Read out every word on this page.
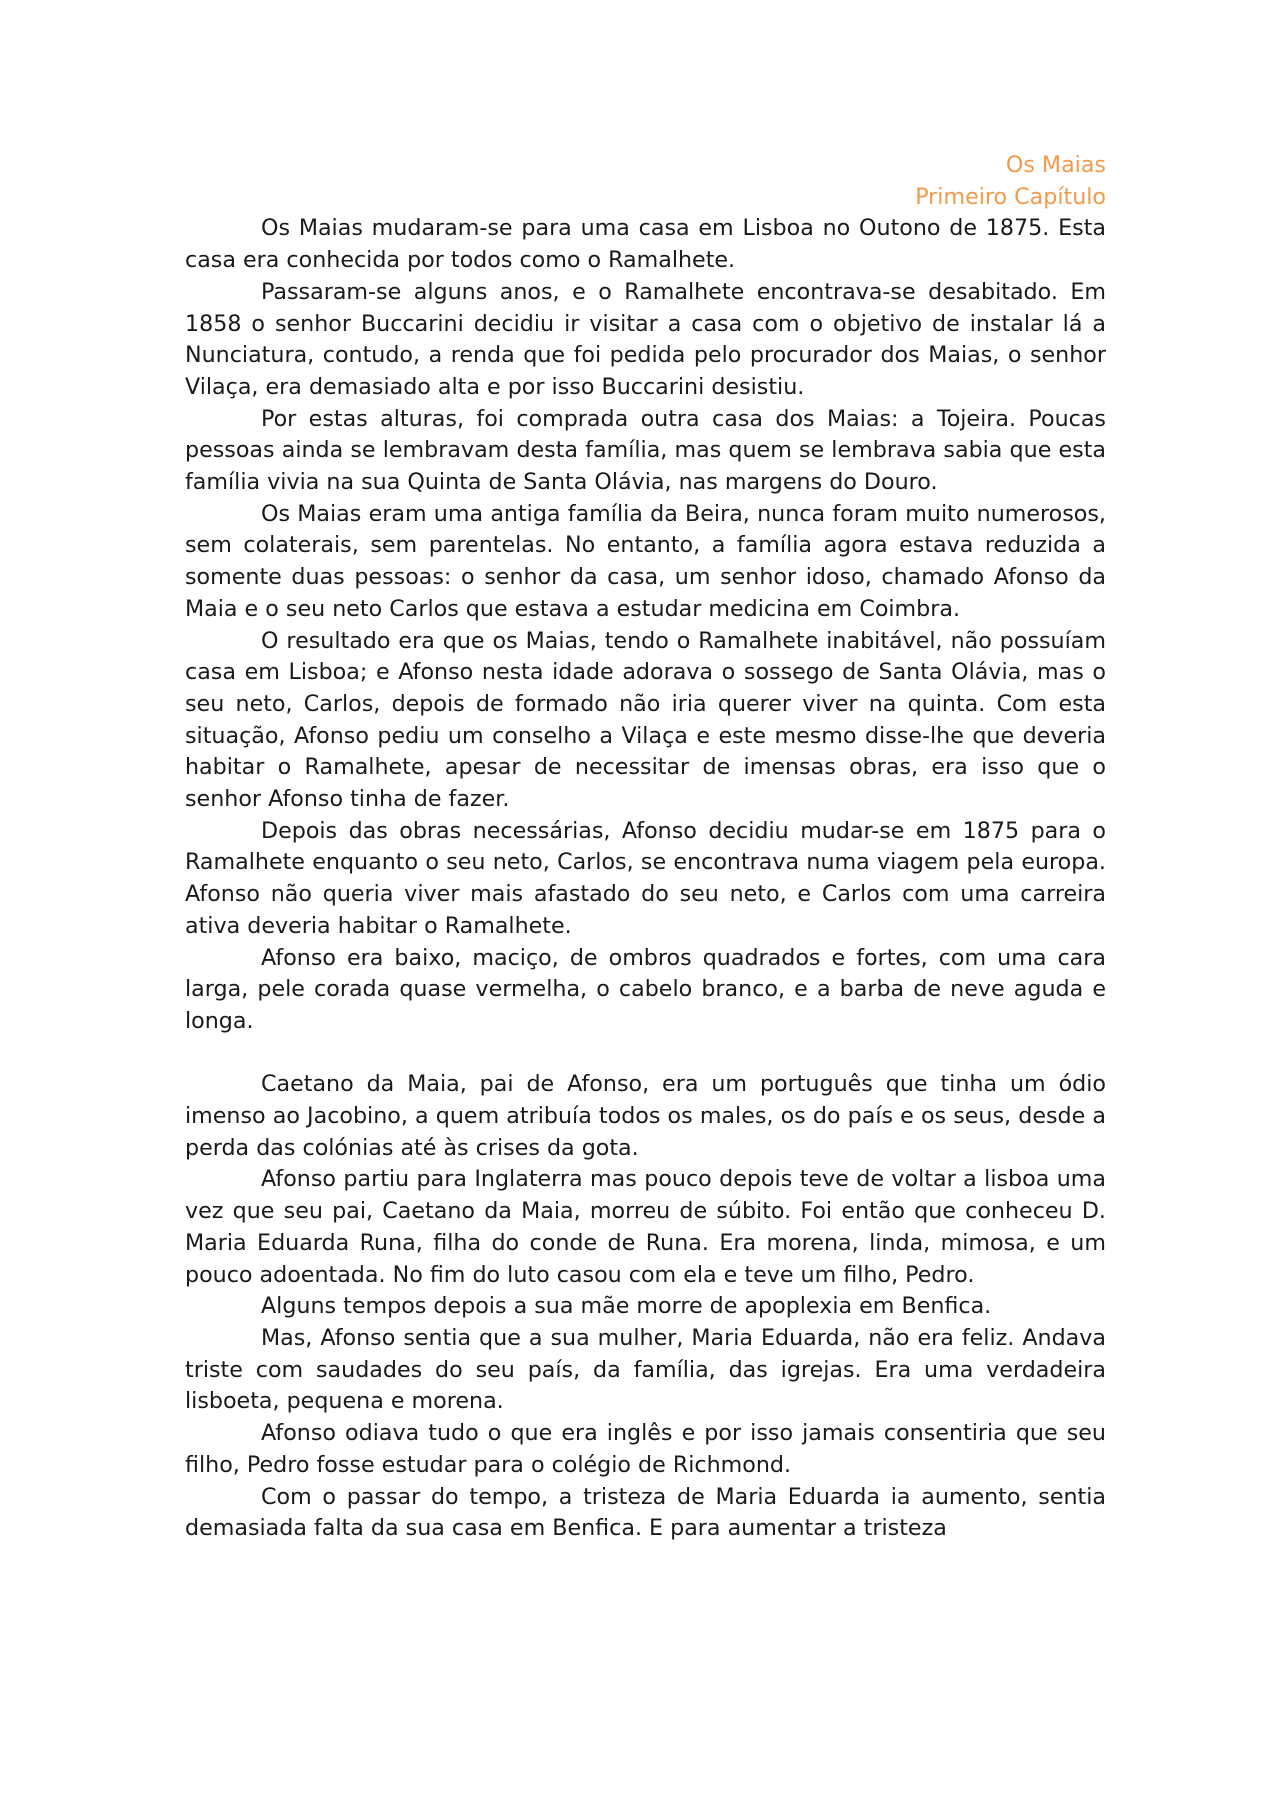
Os Maias

Primeiro Capítulo

Os Maias mudaram-se para uma casa em Lisboa no Outono de 1875. Esta casa era conhecida por todos como o Ramalhete.

Passaram-se alguns anos, e o Ramalhete encontrava-se desabitado. Em 1858 o senhor Buccarini decidiu ir visitar a casa com o objetivo de instalar lá a Nunciatura, contudo, a renda que foi pedida pelo procurador dos Maias, o senhor Vilaça, era demasiado alta e por isso Buccarini desistiu.

Por estas alturas, foi comprada outra casa dos Maias: a Tojeira. Poucas pessoas ainda se lembravam desta família, mas quem se lembrava sabia que esta família vivia na sua Quinta de Santa Olávia, nas margens do Douro.

Os Maias eram uma antiga família da Beira, nunca foram muito numerosos, sem colaterais, sem parentelas. No entanto, a família agora estava reduzida a somente duas pessoas: o senhor da casa, um senhor idoso, chamado Afonso da Maia e o seu neto Carlos que estava a estudar medicina em Coimbra.

O resultado era que os Maias, tendo o Ramalhete inabitável, não possuíam casa em Lisboa; e Afonso nesta idade adorava o sossego de Santa Olávia, mas o seu neto, Carlos, depois de formado não iria querer viver na quinta. Com esta situação, Afonso pediu um conselho a Vilaça e este mesmo disse-lhe que deveria habitar o Ramalhete, apesar de necessitar de imensas obras, era isso que o senhor Afonso tinha de fazer.

Depois das obras necessárias, Afonso decidiu mudar-se em 1875 para o Ramalhete enquanto o seu neto, Carlos, se encontrava numa viagem pela europa. Afonso não queria viver mais afastado do seu neto, e Carlos com uma carreira ativa deveria habitar o Ramalhete.

Afonso era baixo, maciço, de ombros quadrados e fortes, com uma cara larga, pele corada quase vermelha, o cabelo branco, e a barba de neve aguda e longa.

Caetano da Maia, pai de Afonso, era um português que tinha um ódio imenso ao Jacobino, a quem atribuía todos os males, os do país e os seus, desde a perda das colónias até às crises da gota.

Afonso partiu para Inglaterra mas pouco depois teve de voltar a lisboa uma vez que seu pai, Caetano da Maia, morreu de súbito. Foi então que conheceu D. Maria Eduarda Runa, filha do conde de Runa. Era morena, linda, mimosa, e um pouco adoentada. No fim do luto casou com ela e teve um filho, Pedro.

Alguns tempos depois a sua mãe morre de apoplexia em Benfica.

Mas, Afonso sentia que a sua mulher, Maria Eduarda, não era feliz. Andava triste com saudades do seu país, da família, das igrejas. Era uma verdadeira lisboeta, pequena e morena.

Afonso odiava tudo o que era inglês e por isso jamais consentiria que seu filho, Pedro fosse estudar para o colégio de Richmond.

Com o passar do tempo, a tristeza de Maria Eduarda ia aumento, sentia demasiada falta da sua casa em Benfica. E para aumentar a tristeza
